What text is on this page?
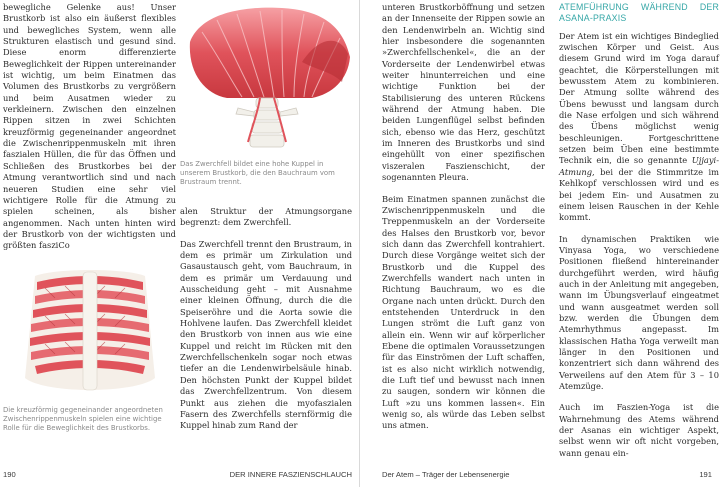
bewegliche Gelenke aus! Unser Brustkorb ist also ein äußerst flexibles und bewegliches System, wenn alle Strukturen elastisch und gesund sind. Diese enorm differenzierte Beweglichkeit der Rippen untereinander ist wichtig, um beim Einatmen das Volumen des Brustkorbs zu vergrößern und beim Ausatmen wieder zu verkleinern. Zwischen den einzelnen Rippen sitzen in zwei Schichten kreuzförmig gegeneinander angeordnet die Zwischenrippenmuskeln mit ihren faszialen Hüllen, die für das Öffnen und Schließen des Brustkorbes bei der Atmung verantwortlich sind und nach neueren Studien eine sehr viel wichtigere Rolle für die Atmung zu spielen scheinen, als bisher angenommen. Nach unten hinten wird der Brustkorb von der wichtigsten und größten fasziCo

Das Zwerchfell bildet eine hohe Kuppel in unserem Brustkorb, die den Bauchraum vom Brustraum trennt.
Die kreuzförmig gegeneinander angeordneten Zwischenrippenmuskeln spielen eine wichtige Rolle für die Beweglichkeit des Brustkorbs.

alen Struktur der Atmungsorgane begrenzt: dem Zwerchfell.

Das Zwerchfell trennt den Brustraum, in dem es primär um Zirkulation und Gasaustausch geht, vom Bauchraum, in dem es primär um Verdauung und Ausscheidung geht – mit Ausnahme einer kleinen Öffnung, durch die die Speiseröhre und die Aorta sowie die Hohlvene laufen. Das Zwerchfell kleidet den Brustkorb von innen aus wie eine Kuppel und reicht im Rücken mit den Zwerchfellschenkeln sogar noch etwas tiefer an die Lendenwirbelsäule hinab. Den höchsten Punkt der Kuppel bildet das Zwerchfellzentrum. Von diesem Punkt aus ziehen die myofaszialen Fasern des Zwerchfells sternförmig die Kuppel hinab zum Rand der

190	DER INNERE FASZIENSCHLAUCH

unteren Brustkorböffnung und setzen an der Innenseite der Rippen sowie an den Lendenwirbeln an. Wichtig sind hier insbesondere die sogenannten »Zwerchfellschenkel«, die an der Vorderseite der Lendenwirbel etwas weiter hinunterreichen und eine wichtige Funktion bei der Stabilisierung des unteren Rückens während der Atmung haben. Die beiden Lungenflügel selbst befinden sich, ebenso wie das Herz, geschützt im Inneren des Brustkorbs und sind eingehüllt von einer spezifischen viszeralen Faszienschicht, der sogenannten Pleura.

Beim Einatmen spannen zunächst die Zwischenrippenmuskeln und die Treppenmuskeln an der Vorderseite des Halses den Brustkorb vor, bevor sich dann das Zwerchfell kontrahiert. Durch diese Vorgänge weitet sich der Brustkorb und die Kuppel des Zwerchfells wandert nach unten in Richtung Bauchraum, wo es die Organe nach unten drückt. Durch den entstehenden Unterdruck in den Lungen strömt die Luft ganz von allein ein. Wenn wir auf körperlicher Ebene die optimalen Voraussetzungen für das Einströmen der Luft schaffen, ist es also nicht wirklich notwendig, die Luft tief und bewusst nach innen zu saugen, sondern wir können die Luft »zu uns kommen lassen«. Ein wenig so, als würde das Leben selbst uns atmen.

ATEMFÜHRUNG WÄHREND DER ASANA-PRAXIS

Der Atem ist ein wichtiges Bindeglied zwischen Körper und Geist. Aus diesem Grund wird im Yoga darauf geachtet, die Körperstellungen mit bewusstem Atem zu kombinieren. Der Atmung sollte während des Übens bewusst und langsam durch die Nase erfolgen und sich während des Übens möglichst wenig beschleunigen. Fortgeschrittene setzen beim Üben eine bestimmte Technik ein, die so genannte Ujjayi-Atmung, bei der die Stimmritze im Kehlkopf verschlossen wird und es bei jedem Ein- und Ausatmen zu einem leisen Rauschen in der Kehle kommt.

In dynamischen Praktiken wie Vinyasa Yoga, wo verschiedene Positionen fließend hintereinander durchgeführt werden, wird häufig auch in der Anleitung mit angegeben, wann im Übungsverlauf eingeatmet und wann ausgeatmet werden soll bzw. werden die Übungen dem Atemrhythmus angepasst. Im klassischen Hatha Yoga verweilt man länger in den Positionen und konzentriert sich dann während des Verweilens auf den Atem für 3 – 10 Atemzüge.

Auch im Faszien-Yoga ist die Wahrnehmung des Atems während der Asanas ein wichtiger Aspekt, selbst wenn wir oft nicht vorgeben, wann genau ein-

Der Atem – Träger der Lebensenergie	191
